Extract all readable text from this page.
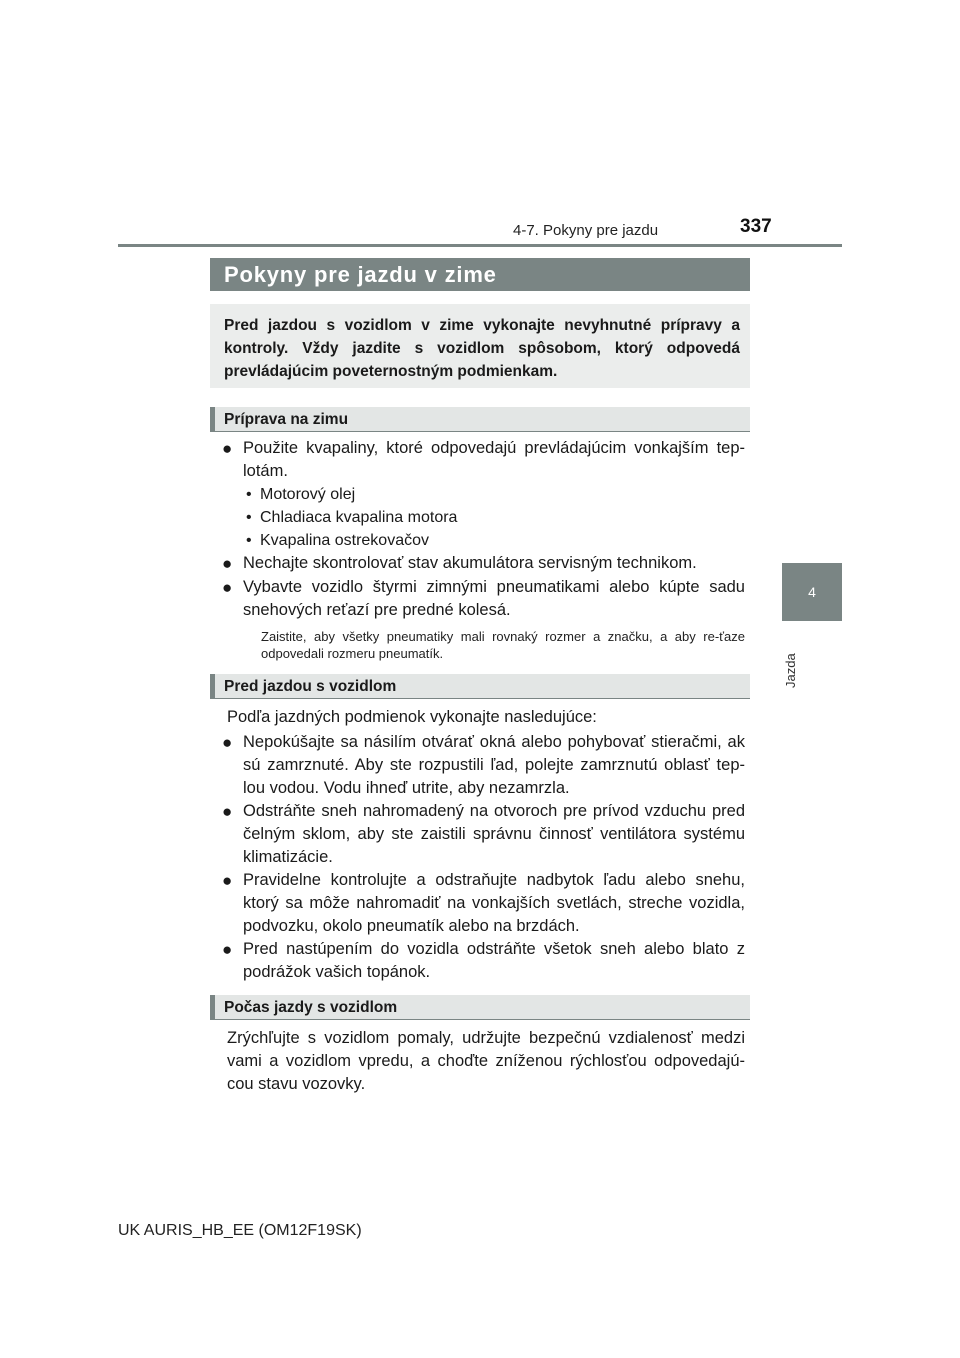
4-7. Pokyny pre jazdu	337
4
Jazda
Pokyny pre jazdu v zime
Pred jazdou s vozidlom v zime vykonajte nevyhnutné prípravy a kontroly. Vždy jazdite s vozidlom spôsobom, ktorý odpovedá prevládajúcim poveternostným podmienkam.
Príprava na zimu
● Použite kvapaliny, ktoré odpovedajú prevládajúcim vonkajším tep-lotám.
• Motorový olej
• Chladiaca kvapalina motora
• Kvapalina ostrekovačov
● Nechajte skontrolovať stav akumulátora servisným technikom.
● Vybavte vozidlo štyrmi zimnými pneumatikami alebo kúpte sadu snehových reťazí pre predné kolesá.
Zaistite, aby všetky pneumatiky mali rovnaký rozmer a značku, a aby re-ťaze odpovedali rozmeru pneumatík.
Pred jazdou s vozidlom
Podľa jazdných podmienok vykonajte nasledujúce:
● Nepokúšajte sa násilím otvárať okná alebo pohybovať stieračmi, ak sú zamrznuté. Aby ste rozpustili ľad, polejte zamrznutú oblasť tep-lou vodou. Vodu ihneď utrite, aby nezamrzla.
● Odstráňte sneh nahromadený na otvoroch pre prívod vzduchu pred čelným sklom, aby ste zaistili správnu činnosť ventilátora systému klimatizácie.
● Pravidelne kontrolujte a odstraňujte nadbytok ľadu alebo snehu, ktorý sa môže nahromadiť na vonkajších svetlách, streche vozidla, podvozku, okolo pneumatík alebo na brzdách.
● Pred nastúpením do vozidla odstráňte všetok sneh alebo blato z podrážok vašich topánok.
Počas jazdy s vozidlom
Zrýchľujte s vozidlom pomaly, udržujte bezpečnú vzdialenosť medzi vami a vozidlom vpredu, a choďte zníženou rýchlosťou odpovedajú-cou stavu vozovky.
UK AURIS_HB_EE (OM12F19SK)
